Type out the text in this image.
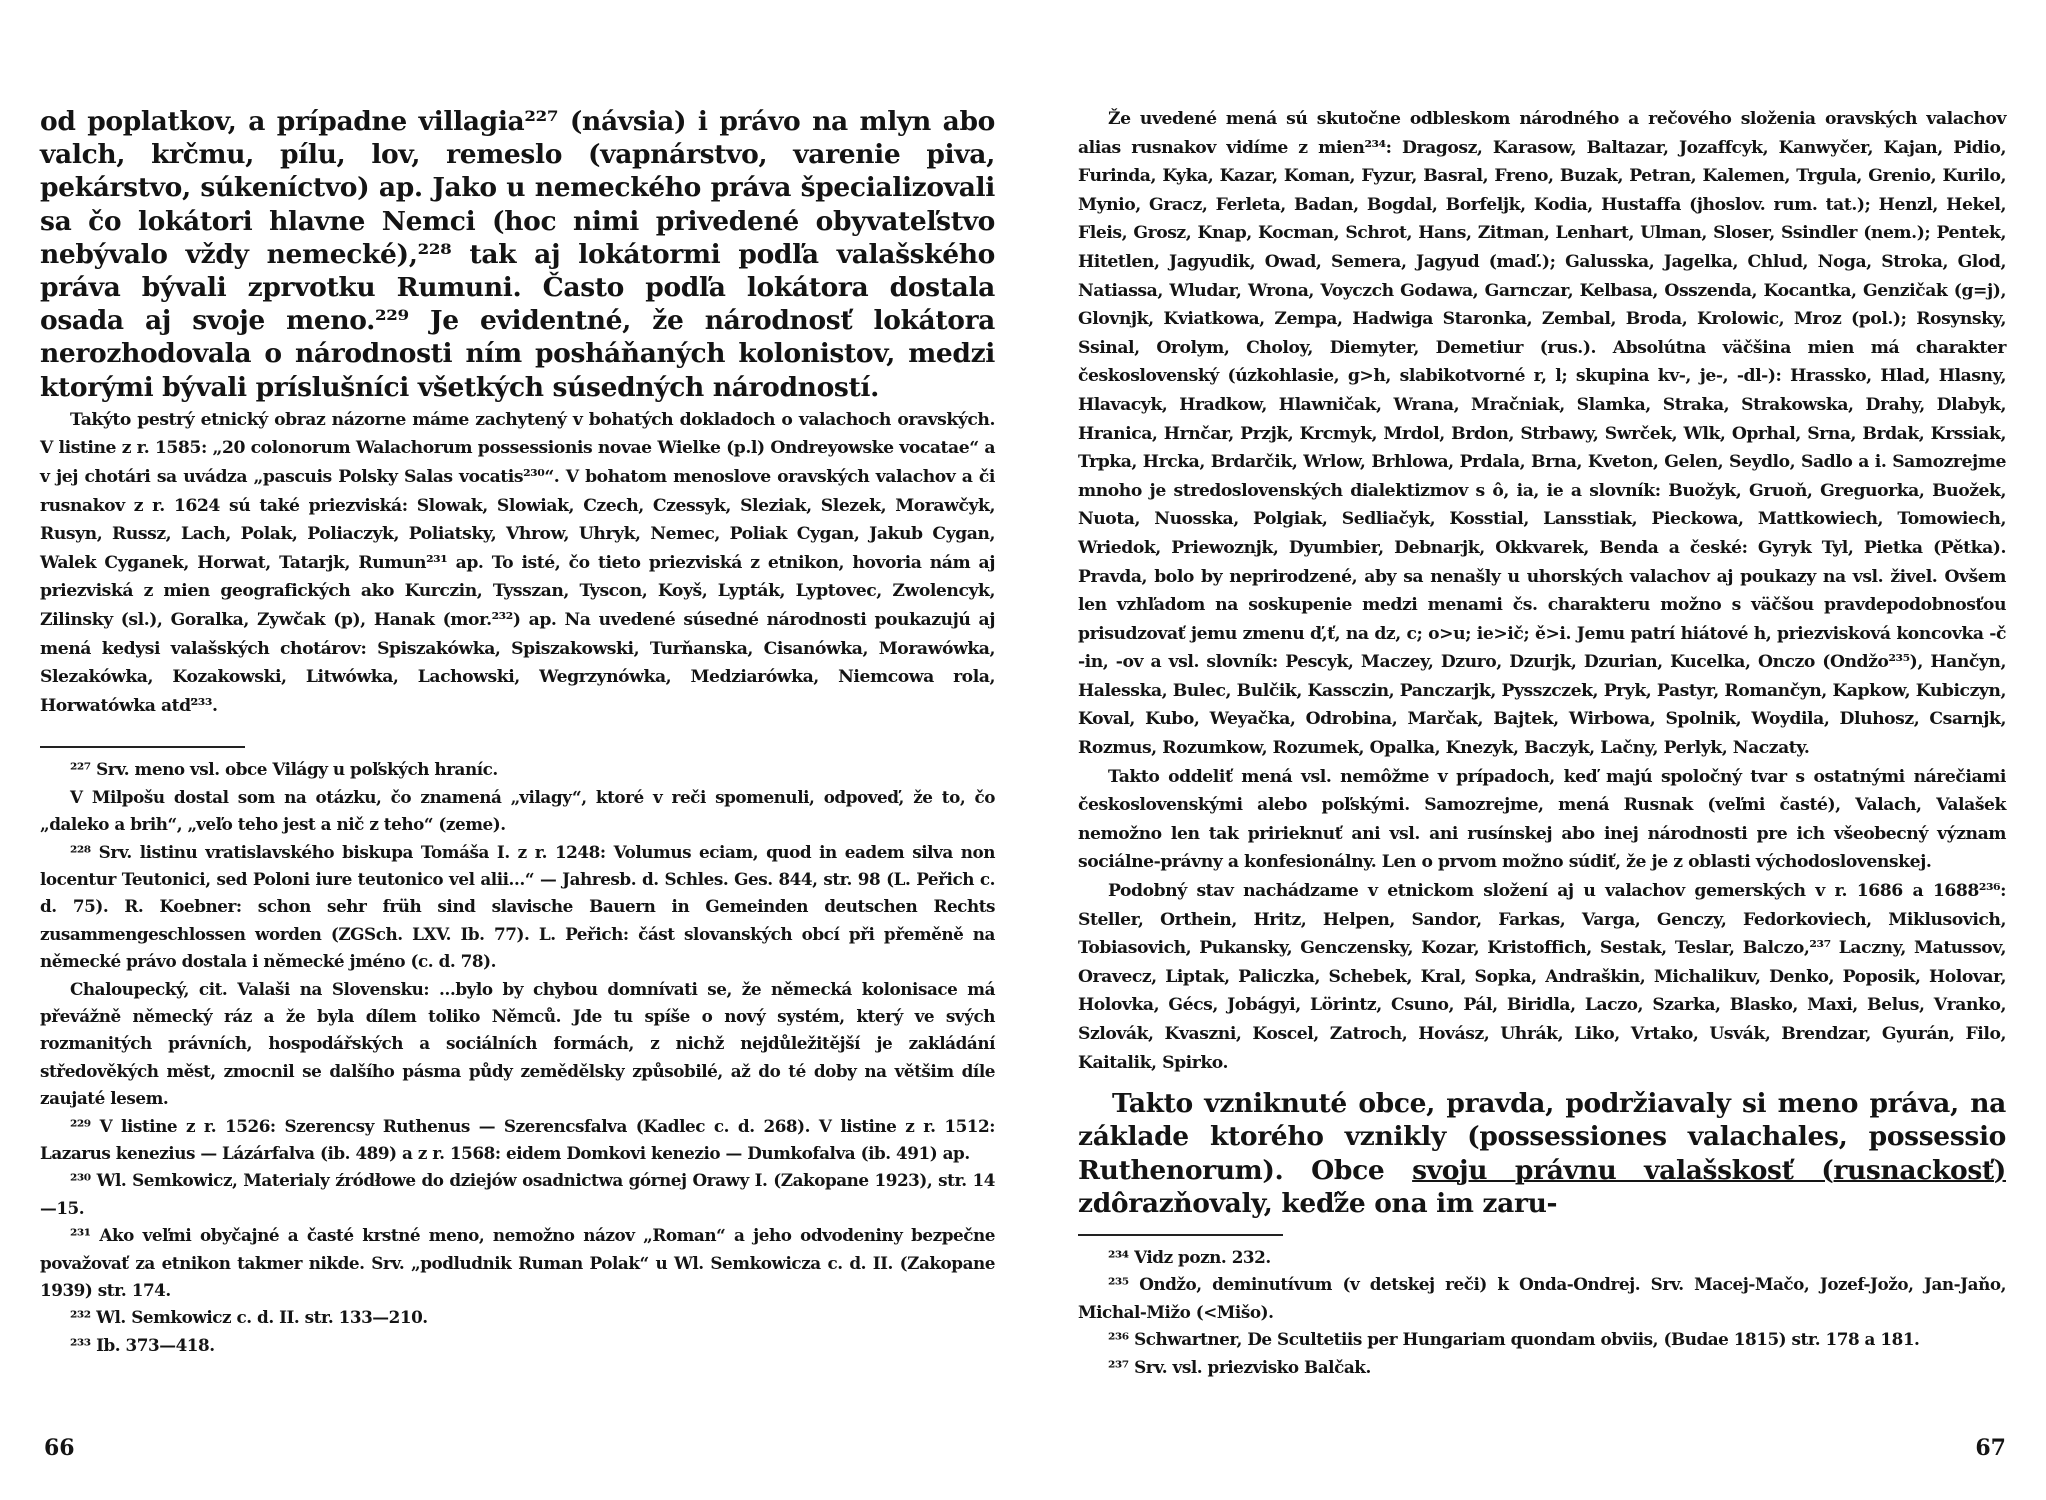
od poplatkov, a prípadne villagia²²⁷ (návsia) i právo na mlyn abo valch, krčmu, pílu, lov, remeslo (vapnárstvo, varenie piva, pekárstvo, súkeníctvo) ap. Jako u nemeckého práva špecializovali sa čo lokátori hlavne Nemci (hoc nimi privedené obyvateľstvo nebývalo vždy nemecké),²²⁸ tak aj lokátormi podľa valašského práva bývali zprvotku Rumuni. Často podľa lokátora dostala osada aj svoje meno.²²⁹ Je evidentné, že národnosť lokátora nerozhodovala o národnosti ním posháňaných kolonistov, medzi ktorými bývali príslušníci všetkých súsedných národností.

Takýto pestrý etnický obraz názorne máme zachytený v bohatých dokladoch o valachoch oravských. V listine z r. 1585: „20 colonorum Walachorum possessionis novae Wielke (p.l) Ondreyowske vocatae“ a v jej chotári sa uvádza „pascuis Polsky Salas vocatis²³⁰“. V bohatom menoslove oravských valachov a či rusnakov z r. 1624 sú také priezviská: Slowak, Slowiak, Czech, Czessyk, Sleziak, Slezek, Morawčyk, Rusyn, Russz, Lach, Polak, Poliaczyk, Poliatsky, Vhrow, Uhryk, Nemec, Poliak Cygan, Jakub Cygan, Walek Cyganek, Horwat, Tatarjk, Rumun²³¹ ap. To isté, čo tieto priezviská z etnikon, hovoria nám aj priezviská z mien geografických ako Kurczin, Tysszan, Tyscon, Koyš, Lypták, Lyptovec, Zwolencyk, Zilinsky (sl.), Goralka, Zywčak (p), Hanak (mor.²³²) ap. Na uvedené súsedné národnosti poukazujú aj mená kedysi valašských chotárov: Spiszakówka, Spiszakowski, Turňanska, Cisanówka, Morawówka, Slezakówka, Kozakowski, Litwówka, Lachowski, Wegrzynówka, Medziarówka, Niemcowa rola, Horwatówka atď²³³.

²²⁷ Srv. meno vsl. obce Világy u poľských hraníc.

V Milpošu dostal som na otázku, čo znamená „vilagy“, ktoré v reči spomenuli, odpoveď, že to, čo „daleko a brih“, „veľo teho jest a nič z teho“ (zeme).

²²⁸ Srv. listinu vratislavského biskupa Tomáša I. z r. 1248: Volumus eciam, quod in eadem silva non locentur Teutonici, sed Poloni iure teutonico vel alii…“ — Jahresb. d. Schles. Ges. 844, str. 98 (L. Peřich c. d. 75). R. Koebner: schon sehr früh sind slavische Bauern in Gemeinden deutschen Rechts zusammengeschlossen worden (ZGSch. LXV. Ib. 77). L. Peřich: část slovanských obcí při přeměně na německé právo dostala i německé jméno (c. d. 78).

Chaloupecký, cit. Valaši na Slovensku: …bylo by chybou domnívati se, že německá kolonisace má převážně německý ráz a že byla dílem toliko Němců. Jde tu spíše o nový systém, který ve svých rozmanitých právních, hospodářských a sociálních formách, z nichž nejdůležitější je zakládání středověkých měst, zmocnil se dalšího pásma půdy zemědělsky způsobilé, až do té doby na většim díle zaujaté lesem.

²²⁹ V listine z r. 1526: Szerencsy Ruthenus — Szerencsfalva (Kadlec c. d. 268). V listine z r. 1512: Lazarus kenezius — Lázárfalva (ib. 489) a z r. 1568: eidem Domkovi kenezio — Dumkofalva (ib. 491) ap.

²³⁰ Wl. Semkowicz, Materialy źródłowe do dziejów osadnictwa górnej Orawy I. (Zakopane 1923), str. 14—15.

²³¹ Ako veľmi obyčajné a časté krstné meno, nemožno názov „Roman“ a jeho odvodeniny bezpečne považovať za etnikon takmer nikde. Srv. „podludnik Ruman Polak“ u Wl. Semkowicza c. d. II. (Zakopane 1939) str. 174.

²³² Wl. Semkowicz c. d. II. str. 133—210.

²³³ Ib. 373—418.

66

Že uvedené mená sú skutočne odbleskom národného a rečového složenia oravských valachov alias rusnakov vidíme z mien²³⁴: Dragosz, Karasow, Baltazar, Jozaffcyk, Kanwyčer, Kajan, Pidio, Furinda, Kyka, Kazar, Koman, Fyzur, Basral, Freno, Buzak, Petran, Kalemen, Trgula, Grenio, Kurilo, Mynio, Gracz, Ferleta, Badan, Bogdal, Borfeljk, Kodia, Hustaffa (jhoslov. rum. tat.); Henzl, Hekel, Fleis, Grosz, Knap, Kocman, Schrot, Hans, Zitman, Lenhart, Ulman, Sloser, Ssindler (nem.); Pentek, Hitetlen, Jagyudik, Owad, Semera, Jagyud (maď.); Galusska, Jagelka, Chlud, Noga, Stroka, Glod, Natiassa, Wludar, Wrona, Voyczch Godawa, Garnczar, Kelbasa, Osszenda, Kocantka, Genzičak (g=j), Glovnjk, Kviatkowa, Zempa, Hadwiga Staronka, Zembal, Broda, Krolowic, Mroz (pol.); Rosynsky, Ssinal, Orolym, Choloy, Diemyter, Demetiur (rus.). Absolútna väčšina mien má charakter československý (úzkohlasie, g>h, slabikotvorné r, l; skupina kv-, je-, -dl-): Hrassko, Hlad, Hlasny, Hlavacyk, Hradkow, Hlawničak, Wrana, Mračniak, Slamka, Straka, Strakowska, Drahy, Dlabyk, Hranica, Hrnčar, Przjk, Krcmyk, Mrdol, Brdon, Strbawy, Swrček, Wlk, Oprhal, Srna, Brdak, Krssiak, Trpka, Hrcka, Brdarčik, Wrlow, Brhlowa, Prdala, Brna, Kveton, Gelen, Seydlo, Sadlo a i. Samozrejme mnoho je stredoslovenských dialektizmov s ô, ia, ie a slovník: Buožyk, Gruoň, Greguorka, Buožek, Nuota, Nuosska, Polgiak, Sedliačyk, Kosstial, Lansstiak, Pieckowa, Mattkowiech, Tomowiech, Wriedok, Priewoznjk, Dyumbier, Debnarjk, Okkvarek, Benda a české: Gyryk Tyl, Pietka (Pětka). Pravda, bolo by neprirodzené, aby sa nenašly u uhorských valachov aj poukazy na vsl. živel. Ovšem len vzhľadom na soskupenie medzi menami čs. charakteru možno s väčšou pravdepodobnosťou prisudzovať jemu zmenu ď,ť, na dz, c; o>u; ie>ič; ě>i. Jemu patrí hiátové h, priezvisková koncovka -č -in, -ov a vsl. slovník: Pescyk, Maczey, Dzuro, Dzurjk, Dzurian, Kucelka, Onczo (Ondžo²³⁵), Hančyn, Halesska, Bulec, Bulčik, Kassczin, Panczarjk, Pysszczek, Pryk, Pastyr, Romančyn, Kapkow, Kubiczyn, Koval, Kubo, Weyačka, Odrobina, Marčak, Bajtek, Wirbowa, Spolnik, Woydila, Dluhosz, Csarnjk, Rozmus, Rozumkow, Rozumek, Opalka, Knezyk, Baczyk, Lačny, Perlyk, Naczaty.

Takto oddeliť mená vsl. nemôžme v prípadoch, keď majú spoločný tvar s ostatnými nárečiami československými alebo poľskými. Samozrejme, mená Rusnak (veľmi časté), Valach, Valašek nemožno len tak pririeknuť ani vsl. ani rusínskej abo inej národnosti pre ich všeobecný význam sociálne-právny a konfesionálny. Len o prvom možno súdiť, že je z oblasti východoslovenskej.

Podobný stav nachádzame v etnickom složení aj u valachov gemerských v r. 1686 a 1688²³⁶: Steller, Orthein, Hritz, Helpen, Sandor, Farkas, Varga, Genczy, Fedorkoviech, Miklusovich, Tobiasovich, Pukansky, Genczensky, Kozar, Kristoffich, Sestak, Teslar, Balczo,²³⁷ Laczny, Matussov, Oravecz, Liptak, Paliczka, Schebek, Kral, Sopka, Andraškin, Michalikuv, Denko, Poposik, Holovar, Holovka, Gécs, Jobágyi, Lörintz, Csuno, Pál, Biridla, Laczo, Szarka, Blasko, Maxi, Belus, Vranko, Szlovák, Kvaszni, Koscel, Zatroch, Hovász, Uhrák, Liko, Vrtako, Usvák, Brendzar, Gyurán, Filo, Kaitalik, Spirko.

Takto vzniknuté obce, pravda, podržiavaly si meno práva, na základe ktorého vznikly (possessiones valachales, possessio Ruthenorum). Obce svoju právnu valašskosť (rusnackosť) zdôrazňovaly, keďže ona im zaru-

²³⁴ Vidz pozn. 232.

²³⁵ Ondžo, deminutívum (v detskej reči) k Onda-Ondrej. Srv. Macej-Mačo, Jozef-Jožo, Jan-Jaňo, Michal-Mižo (<Mišo).

²³⁶ Schwartner, De Scultetiis per Hungariam quondam obviis, (Budae 1815) str. 178 a 181.

²³⁷ Srv. vsl. priezvisko Balčak.

67
